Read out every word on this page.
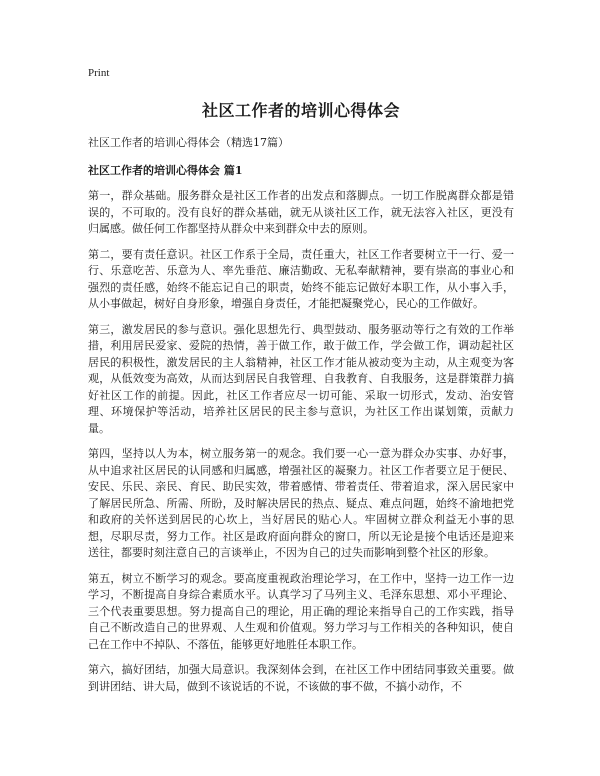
Print
社区工作者的培训心得体会

社区工作者的培训心得体会（精选17篇）

社区工作者的培训心得体会 篇1

第一，群众基础。服务群众是社区工作者的出发点和落脚点。一切工作脱离群众都是错误的，不可取的。没有良好的群众基础，就无从谈社区工作，就无法容入社区，更没有归属感。做任何工作都坚持从群众中来到群众中去的原则。

第二，要有责任意识。社区工作系于全局，责任重大，社区工作者要树立干一行、爱一行、乐意吃苦、乐意为人、率先垂范、廉洁勤政、无私奉献精神，要有崇高的事业心和强烈的责任感，始终不能忘记自己的职责，始终不能忘记做好本职工作，从小事入手，从小事做起，树好自身形象，增强自身责任，才能把凝聚党心，民心的工作做好。

第三，激发居民的参与意识。强化思想先行、典型鼓动、服务驱动等行之有效的工作举措，利用居民爱家、爱院的热情，善于做工作，敢于做工作，学会做工作，调动起社区居民的积极性，激发居民的主人翁精神，社区工作才能从被动变为主动，从主观变为客观，从低效变为高效，从而达到居民自我管理、自我教育、自我服务，这是群策群力搞好社区工作的前提。因此，社区工作者应尽一切可能、采取一切形式，发动、治安管理、环境保护等活动，培养社区居民的民主参与意识，为社区工作出谋划策，贡献力量。

第四，坚持以人为本，树立服务第一的观念。我们要一心一意为群众办实事、办好事，从中追求社区居民的认同感和归属感，增强社区的凝聚力。社区工作者要立足于便民、安民、乐民、亲民、育民、助民实效，带着感情、带着责任、带着追求，深入居民家中了解居民所急、所需、所盼，及时解决居民的热点、疑点、难点问题，始终不渝地把党和政府的关怀送到居民的心坎上，当好居民的贴心人。牢固树立群众利益无小事的思想，尽职尽责，努力工作。社区是政府面向群众的窗口，所以无论是接个电话还是迎来送往，都要时刻注意自己的言谈举止，不因为自己的过失而影响到整个社区的形象。

第五，树立不断学习的观念。要高度重视政治理论学习，在工作中，坚持一边工作一边学习，不断提高自身综合素质水平。认真学习了马列主义、毛泽东思想、邓小平理论、三个代表重要思想。努力提高自己的理论，用正确的理论来指导自己的工作实践，指导自己不断改造自己的世界观、人生观和价值观。努力学习与工作相关的各种知识，使自己在工作中不掉队、不落伍，能够更好地胜任本职工作。

第六，搞好团结，加强大局意识。我深刻体会到，在社区工作中团结同事致关重要。做到讲团结、讲大局，做到不该说话的不说，不该做的事不做，不搞小动作，不
